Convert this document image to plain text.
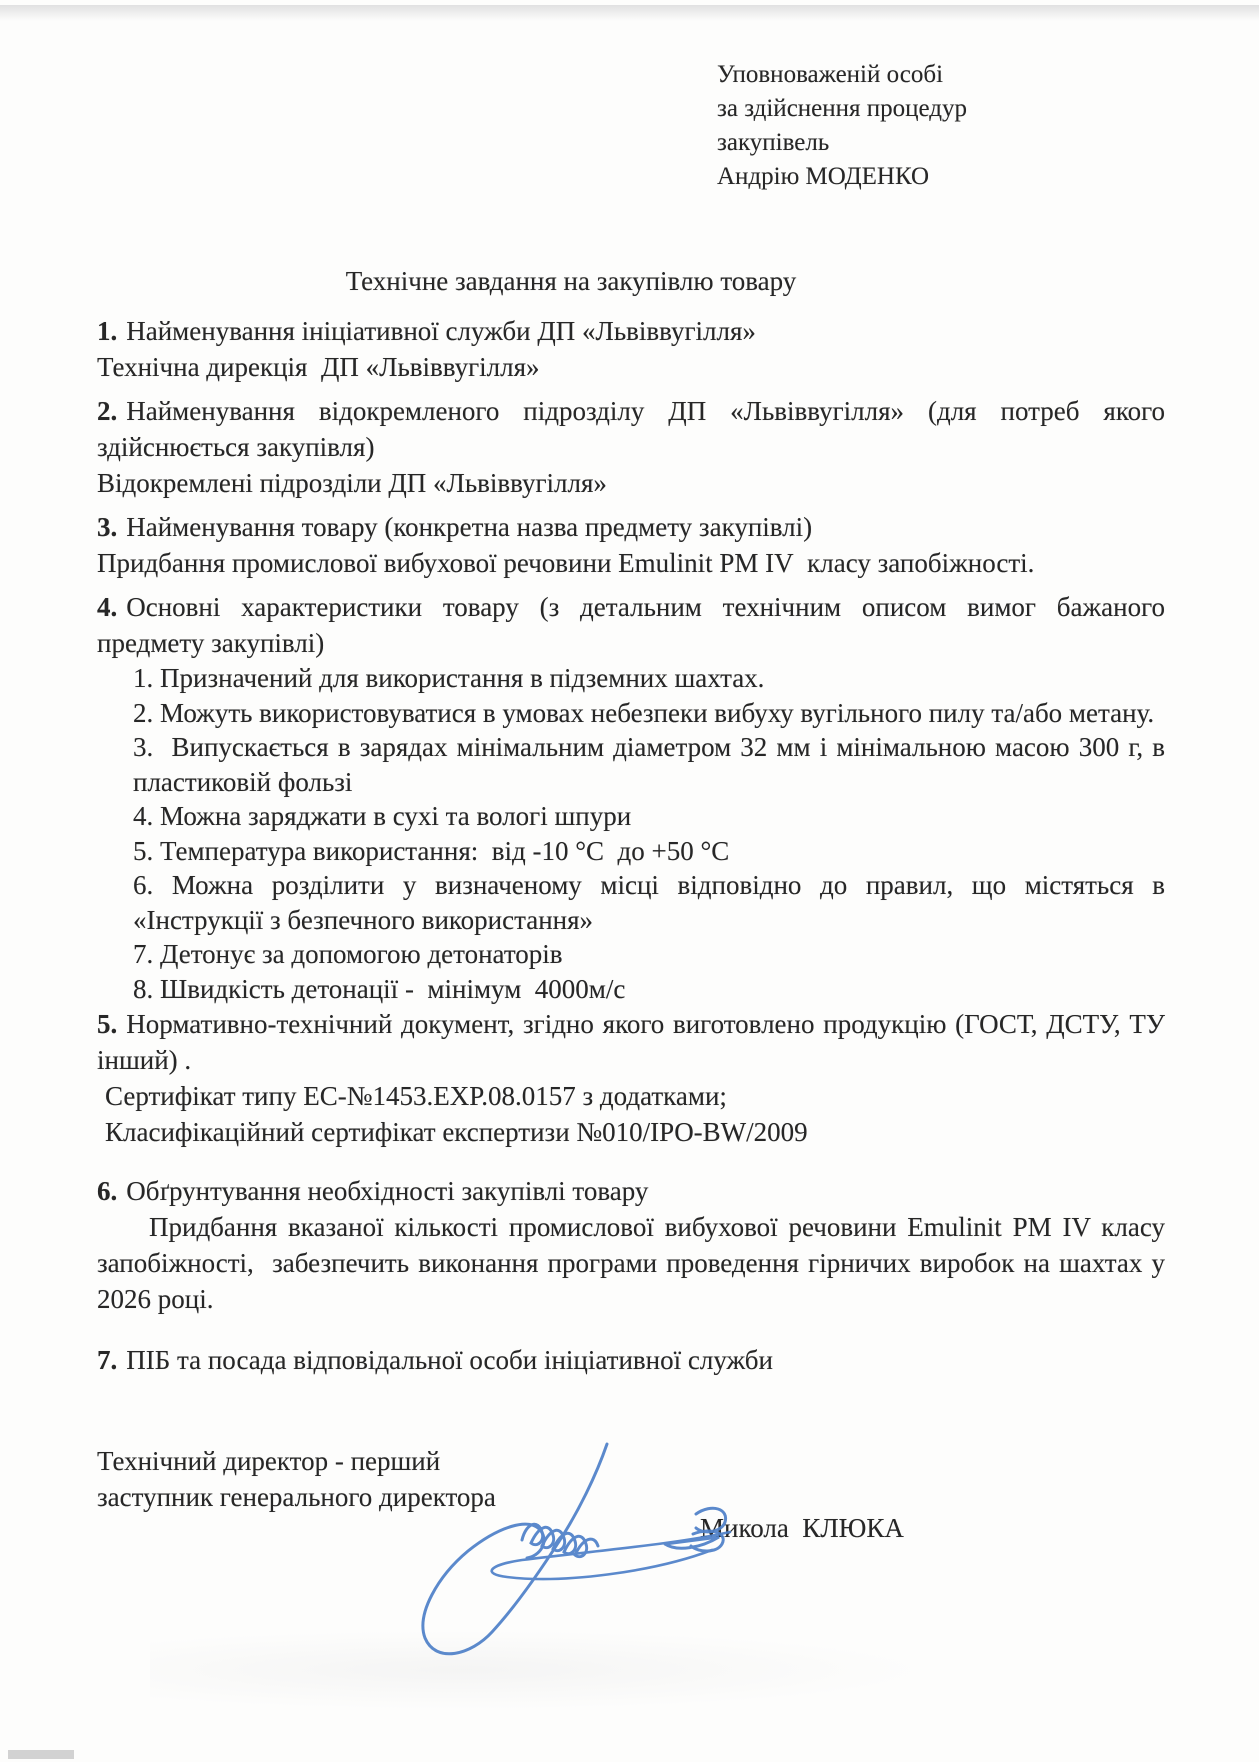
Уповноваженій особі

за здійснення процедур

закупівель

Андрію МОДЕНКО

Технічне завдання на закупівлю товару

1. Найменування ініціативної служби ДП «Львіввугілля»

Технічна дирекція  ДП «Львіввугілля»

2. Найменування відокремленого підрозділу ДП «Львіввугілля» (для потреб якого здійснюється закупівля)

Відокремлені підрозділи ДП «Львіввугілля»

3. Найменування товару (конкретна назва предмету закупівлі)

Придбання промислової вибухової речовини Emulinit PM IV  класу запобіжності.

4. Основні характеристики товару (з детальним технічним описом вимог бажаного предмету закупівлі)

1. Призначений для використання в підземних шахтах.

2. Можуть використовуватися в умовах небезпеки вибуху вугільного пилу та/або метану.

3.  Випускається в зарядах мінімальним діаметром 32 мм і мінімальною масою 300 г, в пластиковій фользі

4. Можна заряджати в сухі та вологі шпури

5. Температура використання:  від -10 °С  до +50 °С

6. Можна розділити у визначеному місці відповідно до правил, що містяться в «Інструкції з безпечного використання»

7. Детонує за допомогою детонаторів

8. Швидкість детонації -  мінімум  4000м/с

5. Нормативно-технічний документ, згідно якого виготовлено продукцію (ГОСТ, ДСТУ, ТУ інший) .

Сертифікат типу ЕС-№1453.EXP.08.0157 з додатками;

Класифікаційний сертифікат експертизи №010/IPO-BW/2009

6. Обґрунтування необхідності закупівлі товару

Придбання вказаної кількості промислової вибухової речовини Emulinit PM IV класу запобіжності,  забезпечить виконання програми проведення гірничих виробок на шахтах у 2026 році.

7. ПІБ та посада відповідальної особи ініціативної служби

Технічний директор - перший

заступник генерального директора

Микола  КЛЮКА
